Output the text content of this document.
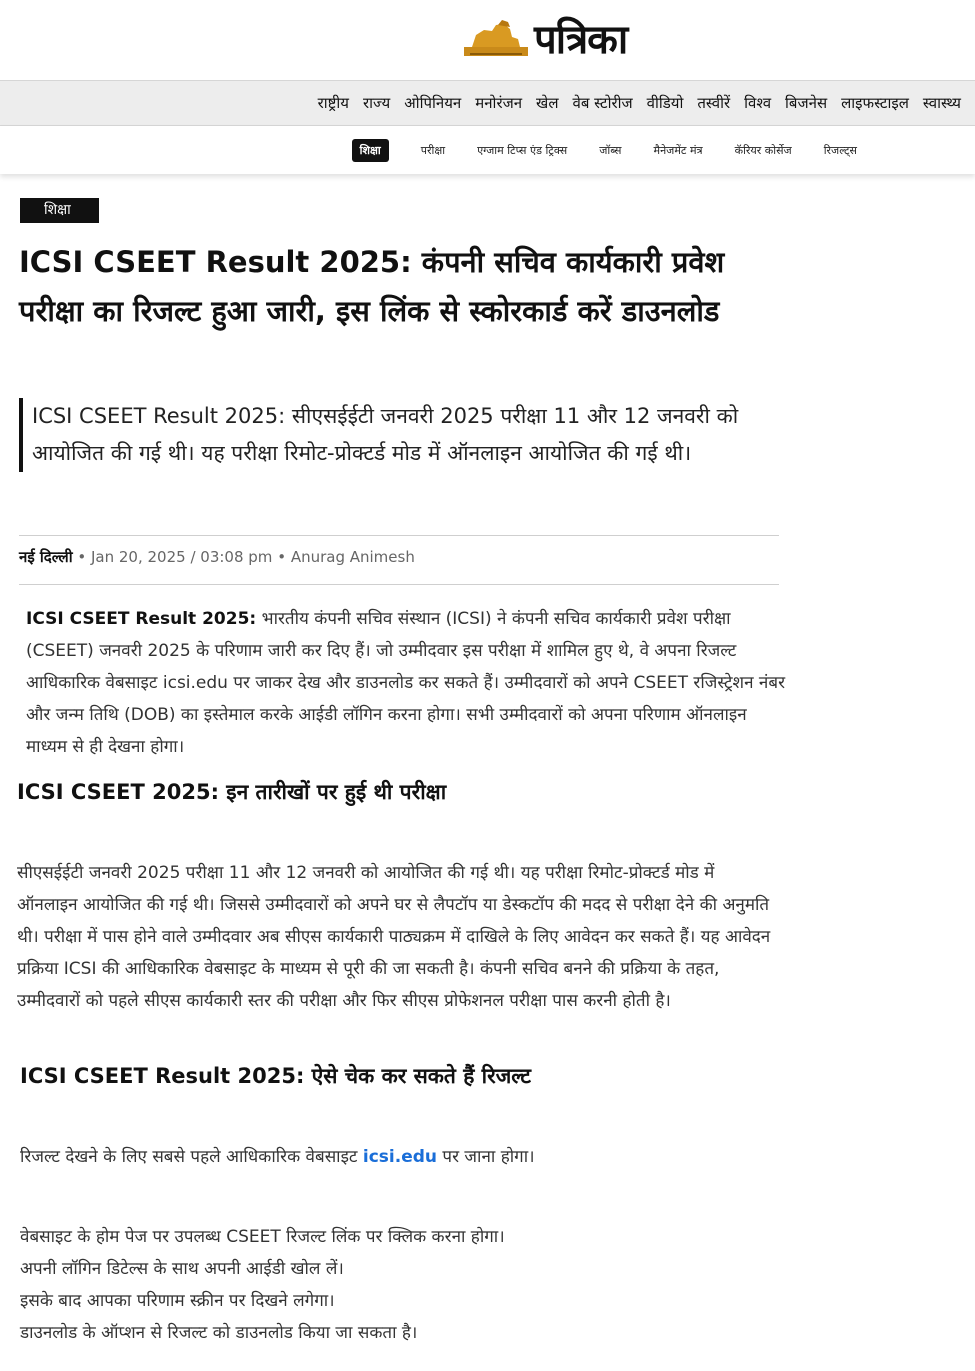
पत्रिका
राष्ट्रीय राज्य ओपिनियन मनोरंजन खेल वेब स्टोरीज वीडियो तस्वीरें विश्व बिजनेस लाइफस्टाइल स्वास्थ्य
शिक्षा	परीक्षा	एग्जाम टिप्स एंड ट्रिक्स	जॉब्स	मैनेजमेंट मंत्र	कॅरियर कोर्सेज	रिजल्ट्स
शिक्षा
ICSI CSEET Result 2025: कंपनी सचिव कार्यकारी प्रवेश परीक्षा का रिजल्ट हुआ जारी, इस लिंक से स्कोरकार्ड करें डाउनलोड
ICSI CSEET Result 2025: सीएसईईटी जनवरी 2025 परीक्षा 11 और 12 जनवरी को आयोजित की गई थी। यह परीक्षा रिमोट-प्रोक्टर्ड मोड में ऑनलाइन आयोजित की गई थी।
नई दिल्ली • Jan 20, 2025 / 03:08 pm • Anurag Animesh

ICSI CSEET Result 2025: भारतीय कंपनी सचिव संस्थान (ICSI) ने कंपनी सचिव कार्यकारी प्रवेश परीक्षा (CSEET) जनवरी 2025 के परिणाम जारी कर दिए हैं। जो उम्मीदवार इस परीक्षा में शामिल हुए थे, वे अपना रिजल्ट आधिकारिक वेबसाइट icsi.edu पर जाकर देख और डाउनलोड कर सकते हैं। उम्मीदवारों को अपने CSEET रजिस्ट्रेशन नंबर और जन्म तिथि (DOB) का इस्तेमाल करके आईडी लॉगिन करना होगा। सभी उम्मीदवारों को अपना परिणाम ऑनलाइन माध्यम से ही देखना होगा।

ICSI CSEET 2025: इन तारीखों पर हुई थी परीक्षा

सीएसईईटी जनवरी 2025 परीक्षा 11 और 12 जनवरी को आयोजित की गई थी। यह परीक्षा रिमोट-प्रोक्टर्ड मोड में ऑनलाइन आयोजित की गई थी। जिससे उम्मीदवारों को अपने घर से लैपटॉप या डेस्कटॉप की मदद से परीक्षा देने की अनुमति थी। परीक्षा में पास होने वाले उम्मीदवार अब सीएस कार्यकारी पाठ्यक्रम में दाखिले के लिए आवेदन कर सकते हैं। यह आवेदन प्रक्रिया ICSI की आधिकारिक वेबसाइट के माध्यम से पूरी की जा सकती है। कंपनी सचिव बनने की प्रक्रिया के तहत, उम्मीदवारों को पहले सीएस कार्यकारी स्तर की परीक्षा और फिर सीएस प्रोफेशनल परीक्षा पास करनी होती है।

ICSI CSEET Result 2025: ऐसे चेक कर सकते हैं रिजल्ट
रिजल्ट देखने के लिए सबसे पहले आधिकारिक वेबसाइट icsi.edu पर जाना होगा।
वेबसाइट के होम पेज पर उपलब्ध CSEET रिजल्ट लिंक पर क्लिक करना होगा।
अपनी लॉगिन डिटेल्स के साथ अपनी आईडी खोल लें।
इसके बाद आपका परिणाम स्क्रीन पर दिखने लगेगा।
डाउनलोड के ऑप्शन से रिजल्ट को डाउनलोड किया जा सकता है।
